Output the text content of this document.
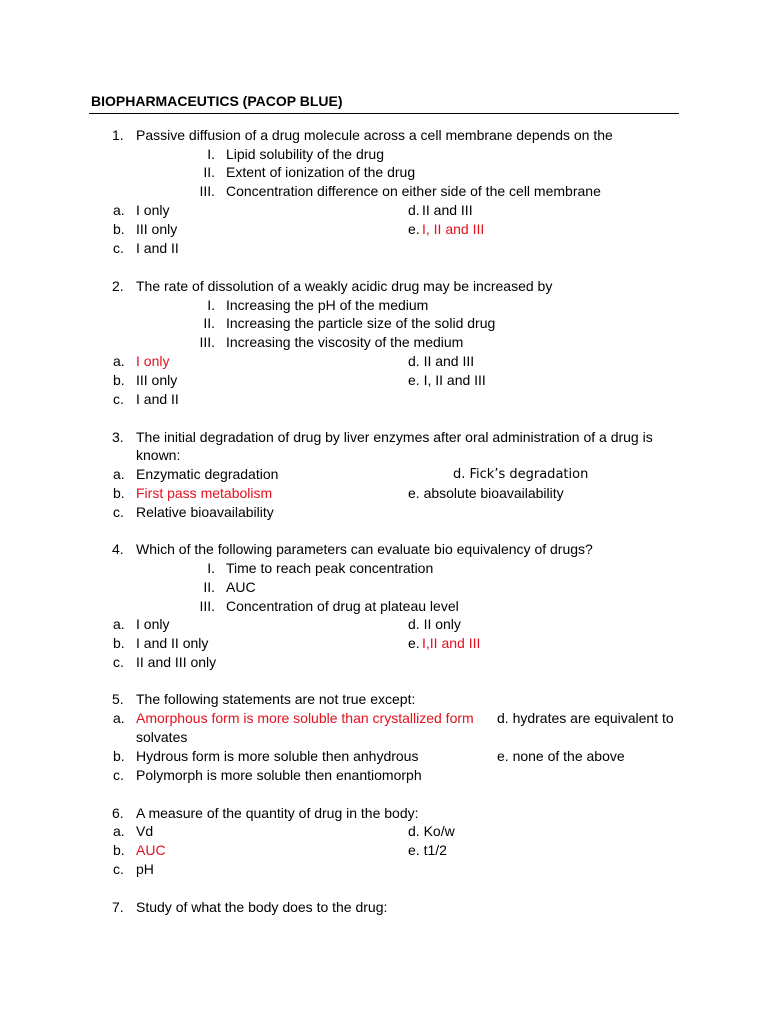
BIOPHARMACEUTICS (PACOP BLUE)
1. Passive diffusion of a drug molecule across a cell membrane depends on the
I. Lipid solubility of the drug
II. Extent of ionization of the drug
III. Concentration difference on either side of the cell membrane
a. I only
b. III only
c. I and II
d. II and III
e. I, II and III
2. The rate of dissolution of a weakly acidic drug may be increased by
I. Increasing the pH of the medium
II. Increasing the particle size of the solid drug
III. Increasing the viscosity of the medium
a. I only
b. III only
c. I and II
d. II and III
e. I, II and III
3. The initial degradation of drug by liver enzymes after oral administration of a drug is
known:
a. Enzymatic degradation
b. First pass metabolism
c. Relative bioavailability
d. Fick’s degradation
e. absolute bioavailability
4. Which of the following parameters can evaluate bio equivalency of drugs?
I. Time to reach peak concentration
II. AUC
III. Concentration of drug at plateau level
a. I only
b. I and II only
c. II and III only
d. II only
e. I,II and III
5. The following statements are not true except:
a. Amorphous form is more soluble than crystallized form d. hydrates are equivalent to
solvates
b. Hydrous form is more soluble then anhydrous	e. none of the above
c. Polymorph is more soluble then enantiomorph
6. A measure of the quantity of drug in the body:
a. Vd
b. AUC
c. pH
d. Ko/w
e. t1/2
7. Study of what the body does to the drug:
